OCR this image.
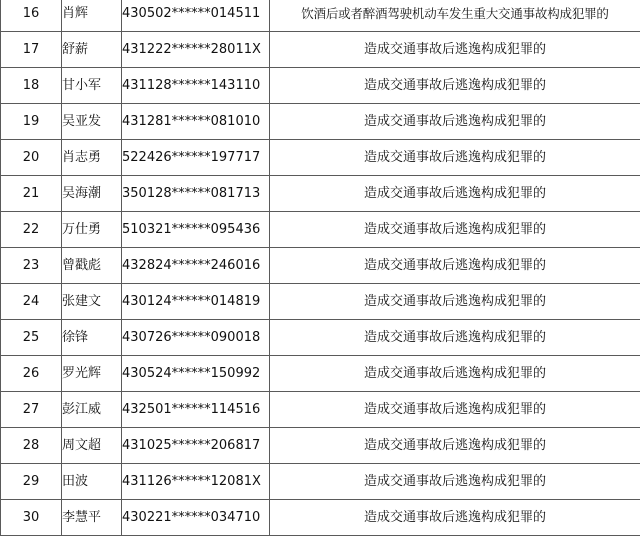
16	肖辉	430502******014511	饮酒后或者醉酒驾驶机动车发生重大交通事故构成犯罪的
17	舒薪	431222******28011X	造成交通事故后逃逸构成犯罪的
18	甘小军	431128******143110	造成交通事故后逃逸构成犯罪的
19	吴亚发	431281******081010	造成交通事故后逃逸构成犯罪的
20	肖志勇	522426******197717	造成交通事故后逃逸构成犯罪的
21	吴海潮	350128******081713	造成交通事故后逃逸构成犯罪的
22	万仕勇	510321******095436	造成交通事故后逃逸构成犯罪的
23	曾戳彪	432824******246016	造成交通事故后逃逸构成犯罪的
24	张建文	430124******014819	造成交通事故后逃逸构成犯罪的
25	徐锋	430726******090018	造成交通事故后逃逸构成犯罪的
26	罗光辉	430524******150992	造成交通事故后逃逸构成犯罪的
27	彭江威	432501******114516	造成交通事故后逃逸构成犯罪的
28	周文超	431025******206817	造成交通事故后逃逸构成犯罪的
29	田波	431126******12081X	造成交通事故后逃逸构成犯罪的
30	李慧平	430221******034710	造成交通事故后逃逸构成犯罪的
